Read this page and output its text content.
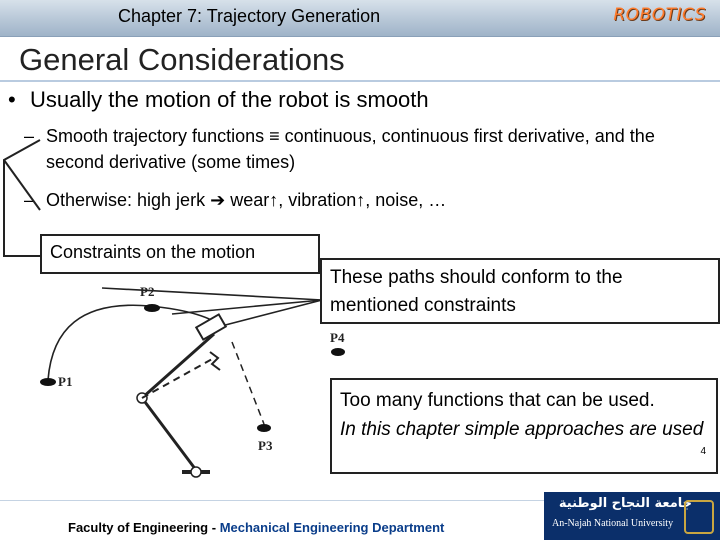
Chapter 7: Trajectory Generation	ROBOTICS
General Considerations
• Usually the motion of the robot is smooth
– Smooth trajectory functions ≡ continuous, continuous first derivative, and the second derivative (some times)
– Otherwise: high jerk ➔ wear↑, vibration↑, noise, …
P1
P2
P3
P4
Constraints on the motion
These paths should conform to the mentioned constraints
Too many functions that can be used.
In this chapter simple approaches are used
4
Faculty of Engineering - Mechanical Engineering Department
جامعة النجاح الوطنية
An-Najah National University
